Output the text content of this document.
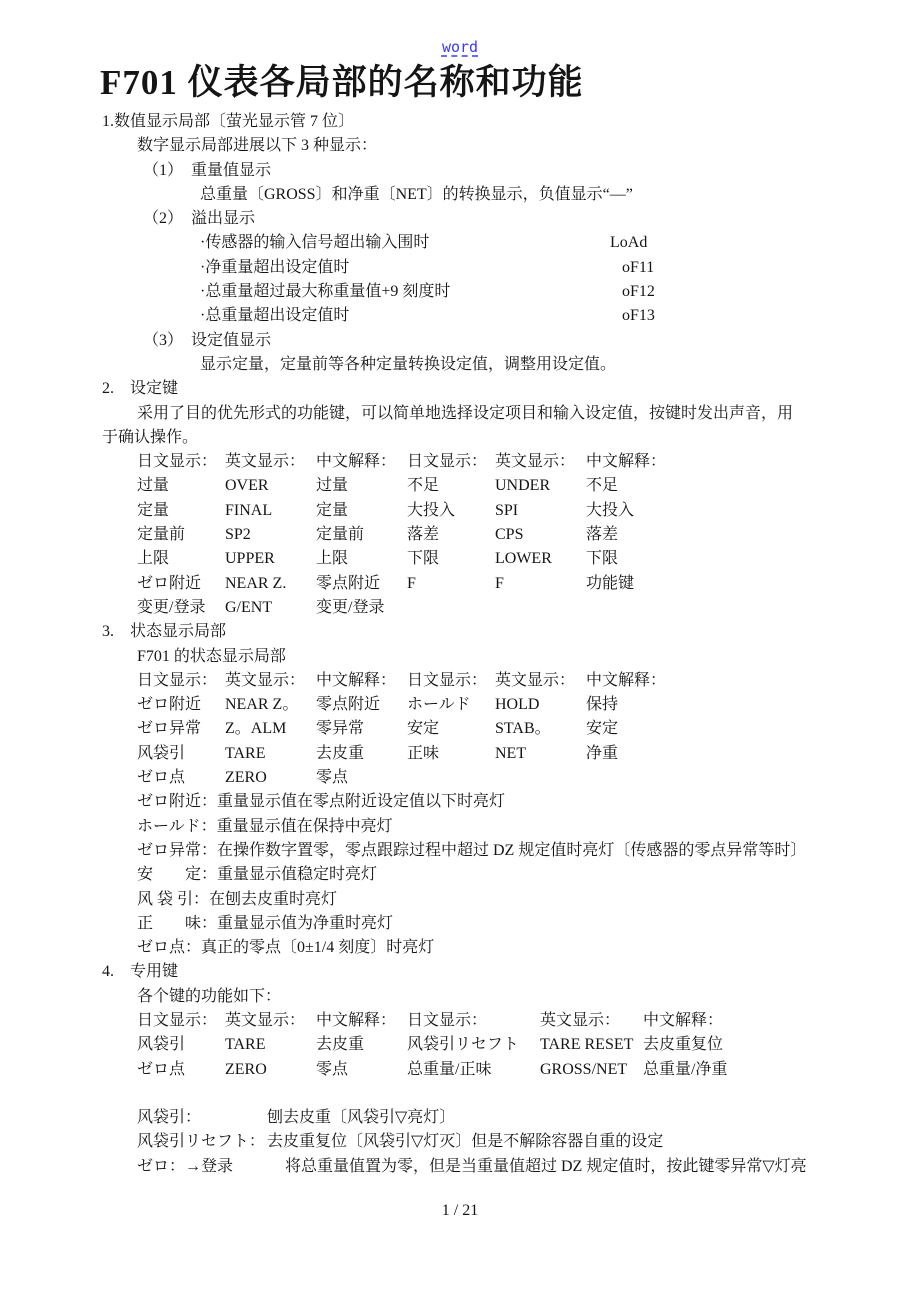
word
F701 仪表各局部的名称和功能
1.数值显示局部〔萤光显示管 7 位〕
数字显示局部进展以下 3 种显示：
（1）　重量值显示
总重量〔GROSS〕和净重〔NET〕的转换显示，负值显示“—”
（2）　溢出显示
·传感器的输入信号超出输入围时	LoAd
·净重量超出设定值时	oF11
·总重量超过最大称重量值+9 刻度时	oF12
·总重量超出设定值时	oF13
（3）　设定值显示
显示定量，定量前等各种定量转换设定值，调整用设定值。
2.　设定键
采用了目的优先形式的功能键，可以简单地选择设定项目和输入设定值，按键时发出声音，用
于确认操作。
日文显示： 英文显示： 中文解释： 日文显示： 英文显示： 中文解释：
过量	OVER	过量	不足	UNDER 不足
定量	FINAL	定量	大投入 SPI	大投入
定量前 SP2	定量前	落差	CPS	落差
上限	UPPER	上限	下限	LOWER 下限
ゼロ附近 NEAR Z. 零点附近 F	F	功能键
变更/登录 G/ENT	变更/登录
3.　状态显示局部
F701 的状态显示局部
日文显示： 英文显示： 中文解释： 日文显示： 英文显示： 中文解释：
ゼロ附近 NEAR Z。 零点附近 ホールド HOLD	保持
ゼロ异常 Z。ALM 零异常	安定	STAB。 安定
风袋引 TARE	去皮重	正味	NET	净重
ゼロ点 ZERO	零点
ゼロ附近：重量显示值在零点附近设定值以下时亮灯
ホールド：重量显示值在保持中亮灯
ゼロ异常：在操作数字置零，零点跟踪过程中超过 DZ 规定值时亮灯〔传感器的零点异常等时〕
安　　定：重量显示值稳定时亮灯
风 袋 引：在刨去皮重时亮灯
正　　味：重量显示值为净重时亮灯
ゼロ点：真正的零点〔0±1/4 刻度〕时亮灯
4.　专用键
各个键的功能如下：
日文显示： 英文显示： 中文解释： 日文显示：	英文显示： 中文解释：
风袋引 TARE	去皮重	风袋引リセフト TARE RESET 去皮重复位
ゼロ点 ZERO	零点	总重量/正味	GROSS/NET 总重量/净重
风袋引：	刨去皮重〔风袋引▽亮灯〕
风袋引リセフト： 去皮重复位〔风袋引▽灯灭〕但是不解除容器自重的设定
ゼロ：→登录	将总重量值置为零，但是当重量值超过 DZ 规定值时，按此键零异常▽灯亮
1 / 21
